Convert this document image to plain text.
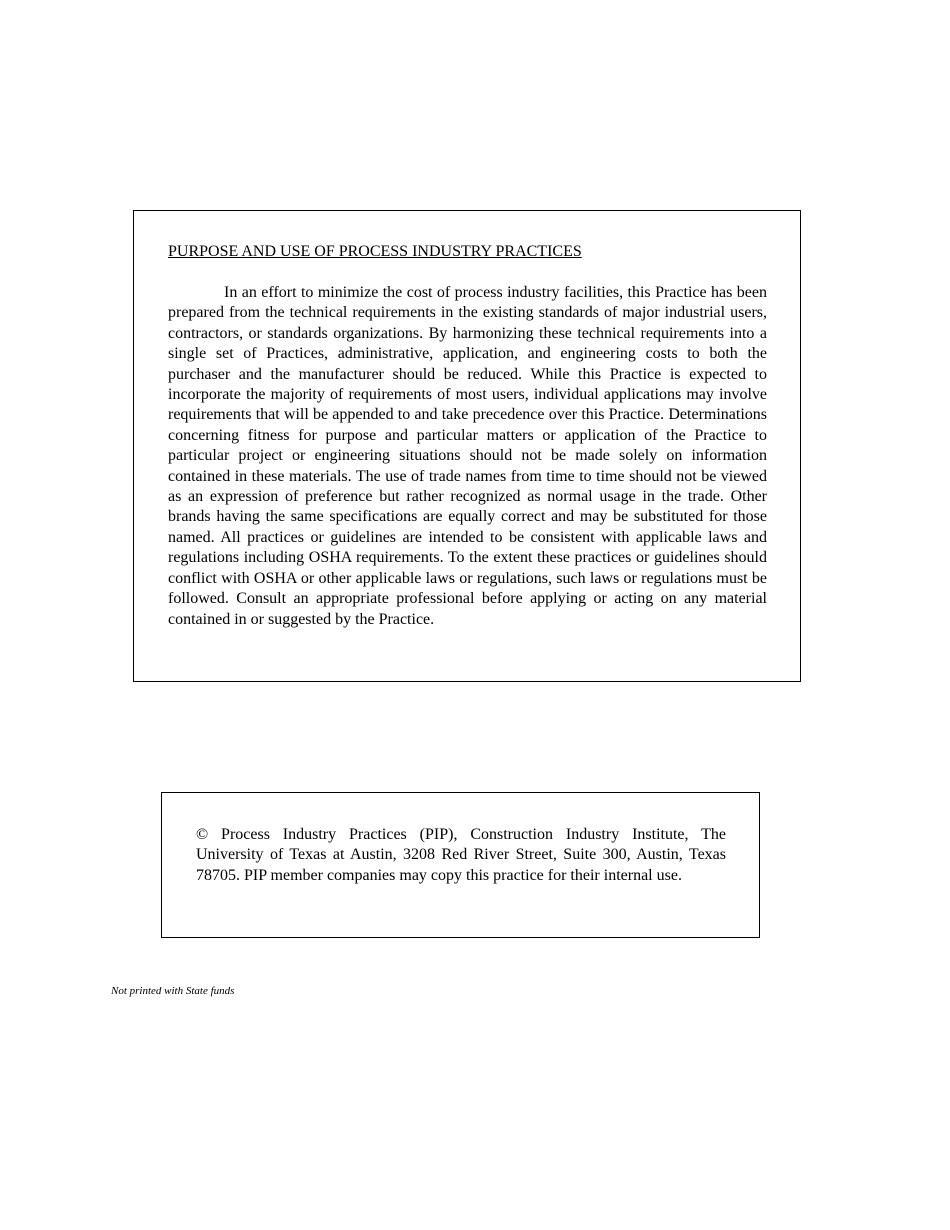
PURPOSE AND USE OF PROCESS INDUSTRY PRACTICES

In an effort to minimize the cost of process industry facilities, this Practice has been prepared from the technical requirements in the existing standards of major industrial users, contractors, or standards organizations. By harmonizing these technical requirements into a single set of Practices, administrative, application, and engineering costs to both the purchaser and the manufacturer should be reduced. While this Practice is expected to incorporate the majority of requirements of most users, individual applications may involve requirements that will be appended to and take precedence over this Practice. Determinations concerning fitness for purpose and particular matters or application of the Practice to particular project or engineering situations should not be made solely on information contained in these materials. The use of trade names from time to time should not be viewed as an expression of preference but rather recognized as normal usage in the trade. Other brands having the same specifications are equally correct and may be substituted for those named. All practices or guidelines are intended to be consistent with applicable laws and regulations including OSHA requirements. To the extent these practices or guidelines should conflict with OSHA or other applicable laws or regulations, such laws or regulations must be followed. Consult an appropriate professional before applying or acting on any material contained in or suggested by the Practice.

© Process Industry Practices (PIP), Construction Industry Institute, The University of Texas at Austin, 3208 Red River Street, Suite 300, Austin, Texas 78705. PIP member companies may copy this practice for their internal use.

Not printed with State funds
